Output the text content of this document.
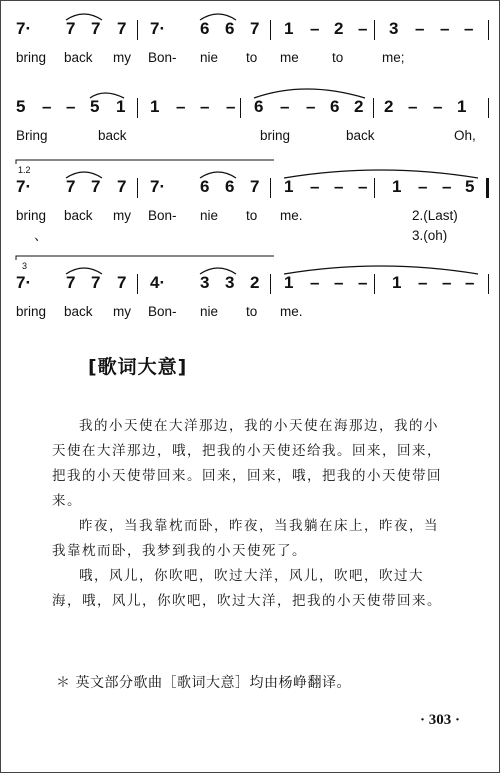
7· 7 7 7 7· 6 6 7 1 – 2 – 3 – – –
bring back my Bon- nie to me to	me;
5 – – 5 1 1 – – – 6 – – 6 2 2 – – 1
Bring	back	bring	back	Oh,
1.2
7· 7 7 7 7· 6 6 7 1 – – – 1 – – 5
bring back my Bon- nie to me.	2.(Last)
、	3.(oh)
3
7· 7 7 7 4· 3 3 2 1 – – – 1 – – –
bring back my Bon- nie to me.
[歌词大意]

我的小天使在大洋那边，我的小天使在海那边，我的小天使在大洋那边，哦，把我的小天使还给我。回来，回来，把我的小天使带回来。回来，回来，哦，把我的小天使带回来。

昨夜，当我靠枕而卧，昨夜，当我躺在床上，昨夜，当我靠枕而卧，我梦到我的小天使死了。

哦，风儿，你吹吧，吹过大洋，风儿，吹吧，吹过大海，哦，风儿，你吹吧，吹过大洋，把我的小天使带回来。

＊ 英文部分歌曲［歌词大意］均由杨峥翻译。
· 303 ·
